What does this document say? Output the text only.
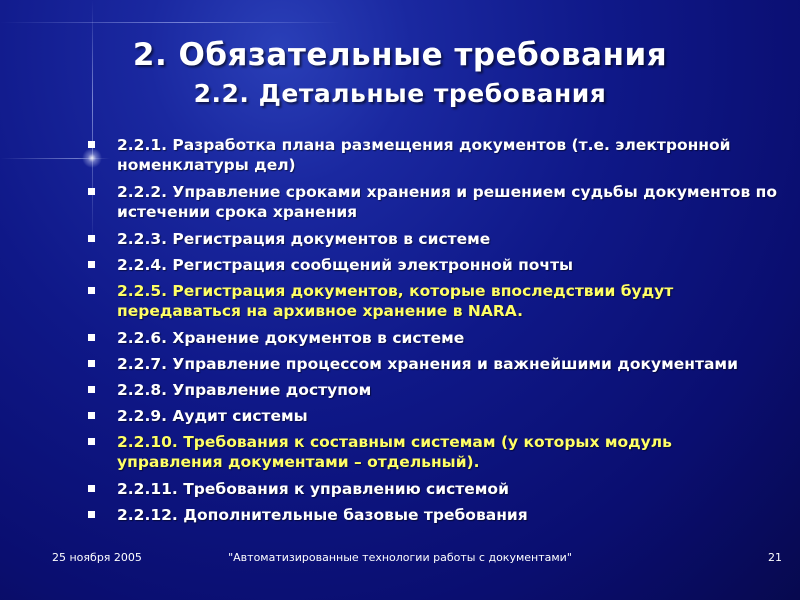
2. Обязательные требования
2.2. Детальные требования
2.2.1. Разработка плана размещения документов (т.е. электронной номенклатуры дел)
2.2.2. Управление сроками хранения и решением судьбы документов по истечении срока хранения
2.2.3. Регистрация документов в системе
2.2.4. Регистрация сообщений электронной почты
2.2.5. Регистрация документов, которые впоследствии будут передаваться на архивное хранение в NARA.
2.2.6. Хранение документов в системе
2.2.7. Управление процессом хранения и важнейшими документами
2.2.8. Управление доступом
2.2.9. Аудит системы
2.2.10. Требования к составным системам (у которых модуль управления документами – отдельный).
2.2.11. Требования к управлению системой
2.2.12. Дополнительные базовые требования
25 ноября 2005	"Автоматизированные технологии работы с документами"	21
